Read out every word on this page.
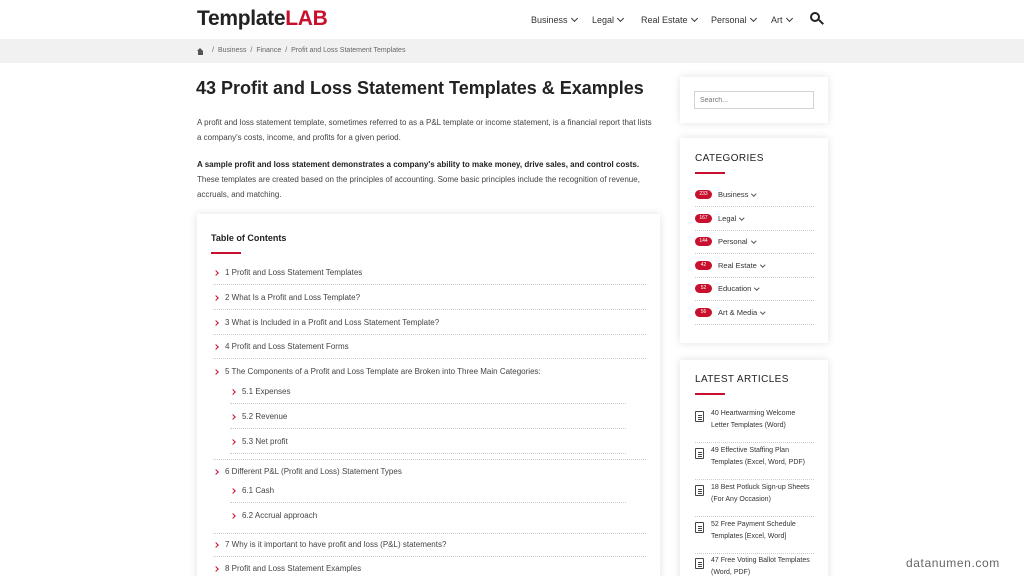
TemplateLAB	Business	Legal	Real Estate	Personal	Art
/ Business / Finance / Profit and Loss Statement Templates
43 Profit and Loss Statement Templates & Examples

A profit and loss statement template, sometimes referred to as a P&L template or income statement, is a financial report that lists a company's costs, income, and profits for a given period.

A sample profit and loss statement demonstrates a company's ability to make money, drive sales, and control costs. These templates are created based on the principles of accounting. Some basic principles include the recognition of revenue, accruals, and matching.

Table of Contents
1 Profit and Loss Statement Templates
2 What Is a Profit and Loss Template?
3 What is Included in a Profit and Loss Statement Template?
4 Profit and Loss Statement Forms
5 The Components of a Profit and Loss Template are Broken into Three Main Categories:
5.1 Expenses
5.2 Revenue
5.3 Net profit
6 Different P&L (Profit and Loss) Statement Types
6.1 Cash
6.2 Accrual approach
7 Why is it important to have profit and loss (P&L) statements?
8 Profit and Loss Statement Examples
Search...
CATEGORIES
233	Business
167	Legal
144	Personal
42	Real Estate
52	Education
56	Art & Media
LATEST ARTICLES
40 Heartwarming Welcome Letter Templates (Word)
49 Effective Staffing Plan Templates (Excel, Word, PDF)
18 Best Potluck Sign-up Sheets (For Any Occasion)
52 Free Payment Schedule Templates [Excel, Word]
47 Free Voting Ballot Templates (Word, PDF)
datanumen.com
